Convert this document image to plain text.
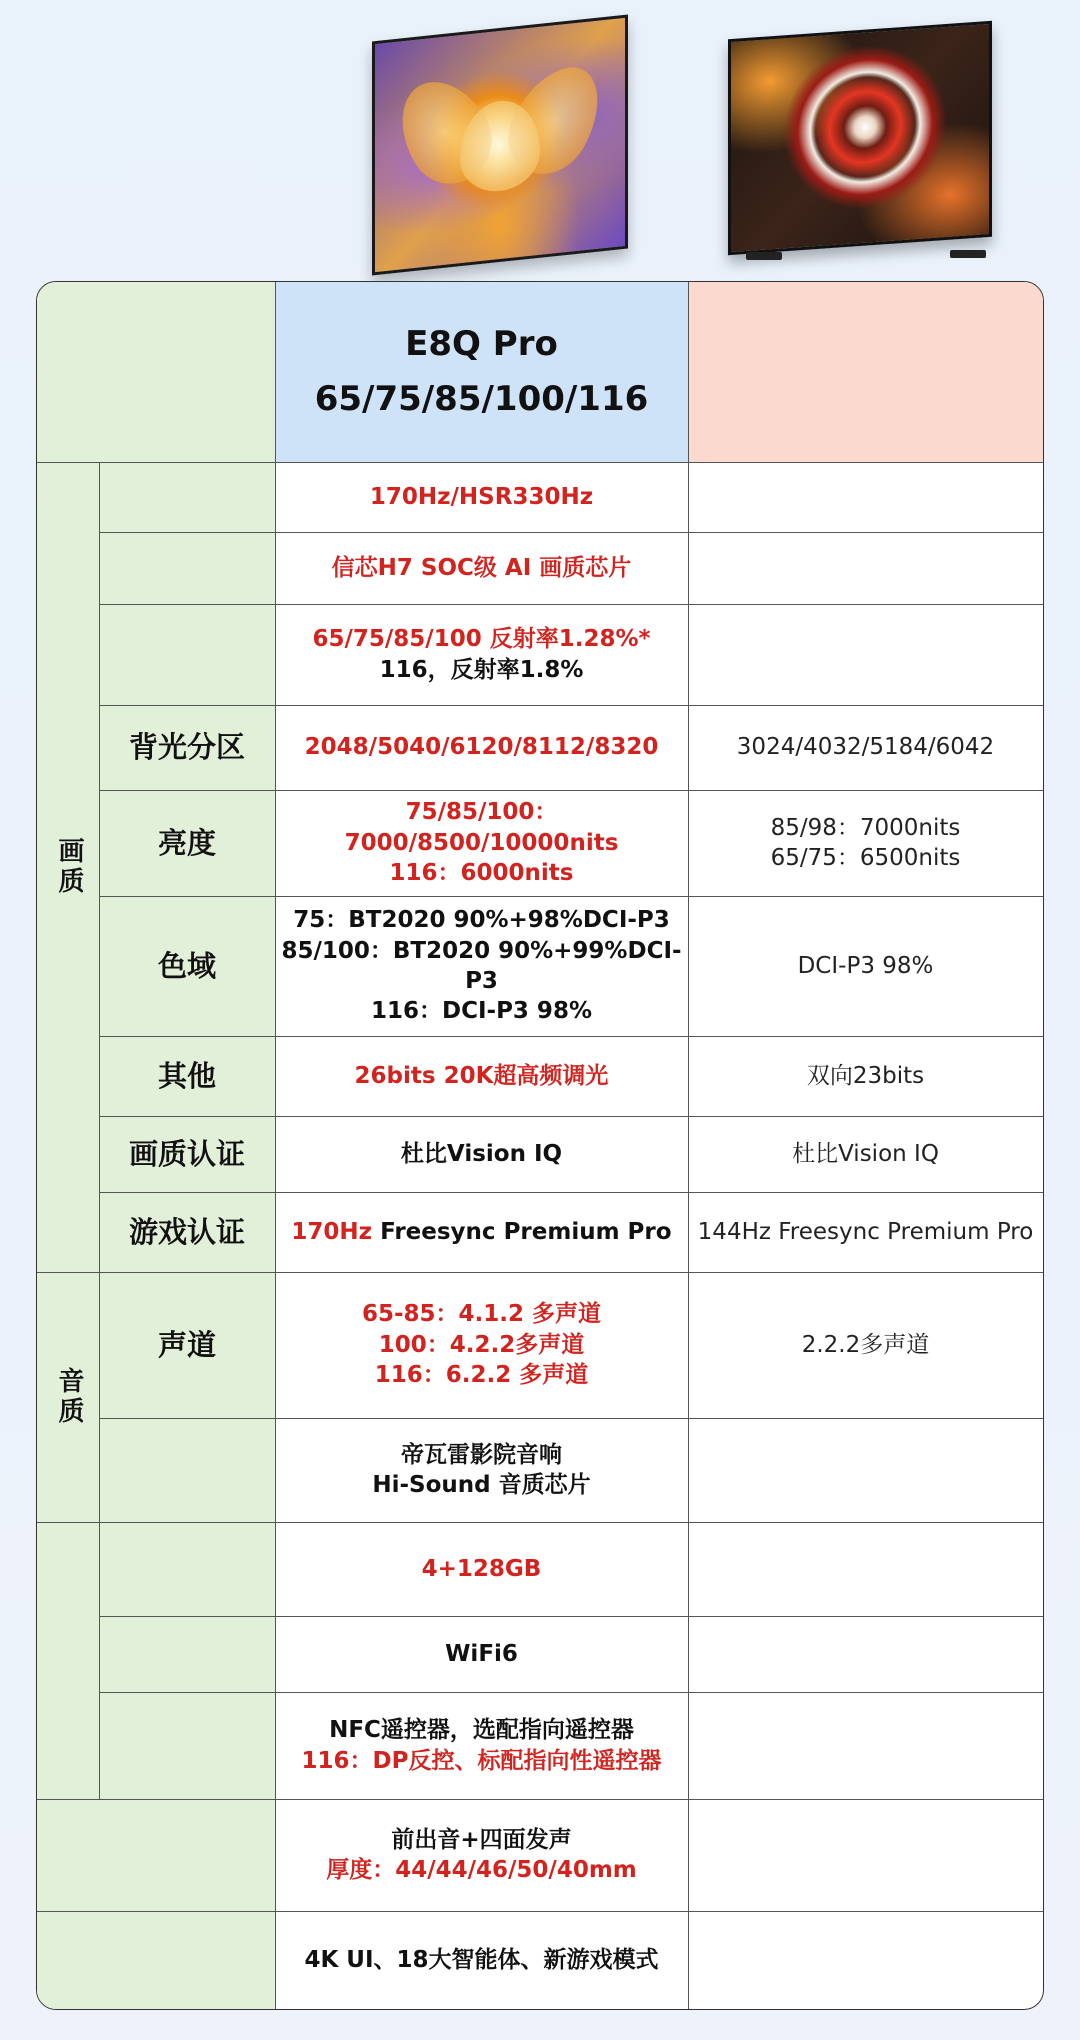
E8Q Pro
65/75/85/100/116
画质
音质
背光分区
亮度
色域
其他
画质认证
游戏认证
声道
170Hz/HSR330Hz
信芯H7 SOC级 AI 画质芯片
65/75/85/100 反射率1.28%*
116，反射率1.8%
2048/5040/6120/8112/8320
75/85/100：7000/8500/10000nits
116：6000nits
75：BT2020 90%+98%DCI-P3
85/100：BT2020 90%+99%DCI-P3
116：DCI-P3 98%
26bits 20K超高频调光
杜比Vision IQ
170Hz Freesync Premium Pro
65-85：4.1.2 多声道
100：4.2.2多声道
116：6.2.2 多声道
帝瓦雷影院音响
Hi-Sound 音质芯片
4+128GB
WiFi6
NFC遥控器，选配指向遥控器
116：DP反控、标配指向性遥控器
前出音+四面发声
厚度：44/44/46/50/40mm
4K UI、18大智能体、新游戏模式
3024/4032/5184/6042
85/98：7000nits
65/75：6500nits
DCI-P3 98%
双向23bits
杜比Vision IQ
144Hz Freesync Premium Pro
2.2.2多声道
